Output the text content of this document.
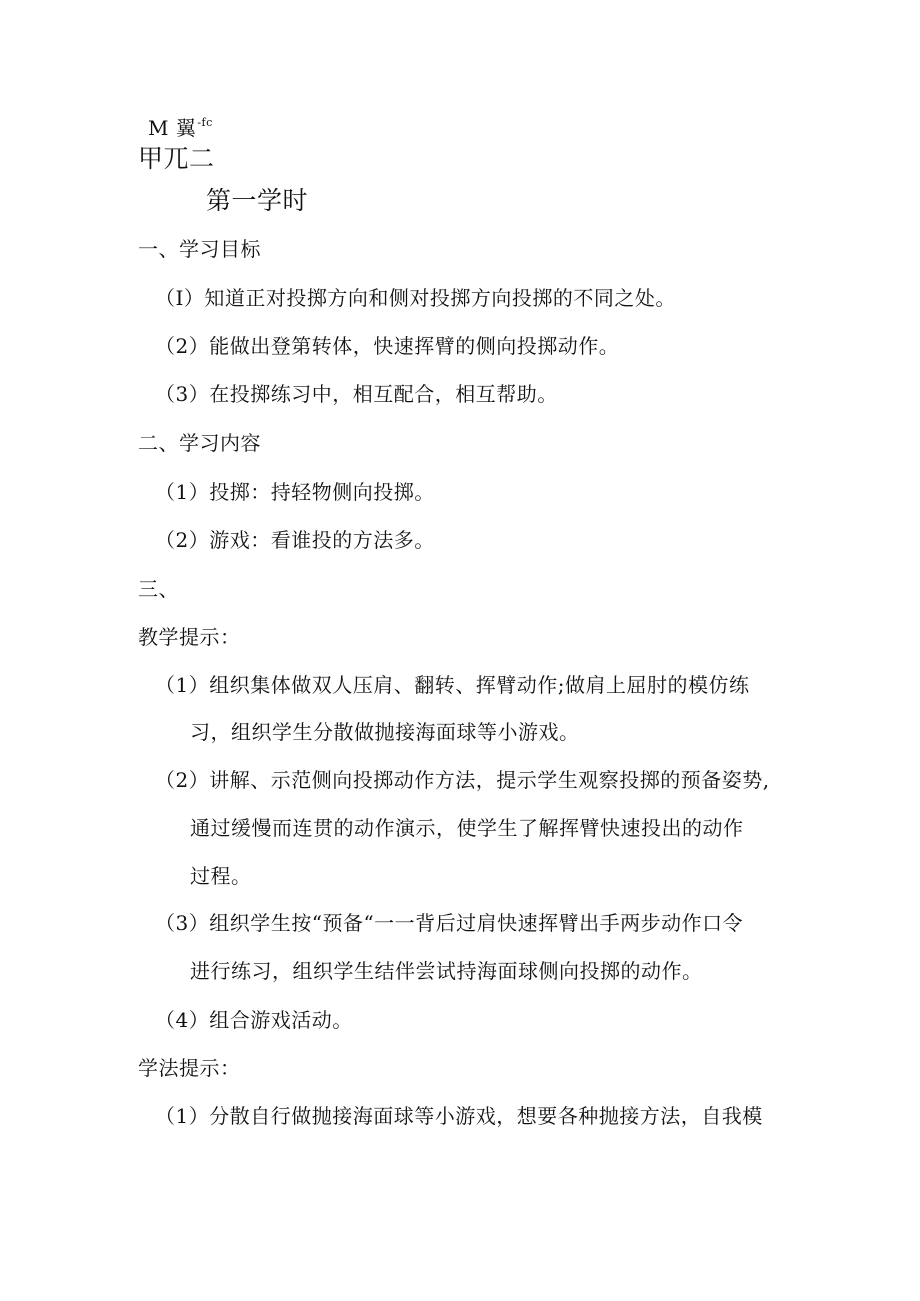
M 翼$^{-fc}$
甲兀二
第一学时
一、学习目标
（I）知道正对投掷方向和侧对投掷方向投掷的不同之处。
（2）能做出登第转体，快速挥臂的侧向投掷动作。
（3）在投掷练习中，相互配合，相互帮助。
二、学习内容
（1）投掷：持轻物侧向投掷。
（2）游戏：看谁投的方法多。
三、
教学提示：
（1）组织集体做双人压肩、翻转、挥臂动作;做肩上屈肘的模仿练
习，组织学生分散做抛接海面球等小游戏。
（2）讲解、示范侧向投掷动作方法，提示学生观察投掷的预备姿势,
通过缓慢而连贯的动作演示，使学生了解挥臂快速投出的动作
过程。
（3）组织学生按“预备“一一背后过肩快速挥臂出手两步动作口令
进行练习，组织学生结伴尝试持海面球侧向投掷的动作。
（4）组合游戏活动。
学法提示：
（1）分散自行做抛接海面球等小游戏，想要各种抛接方法，自我模
